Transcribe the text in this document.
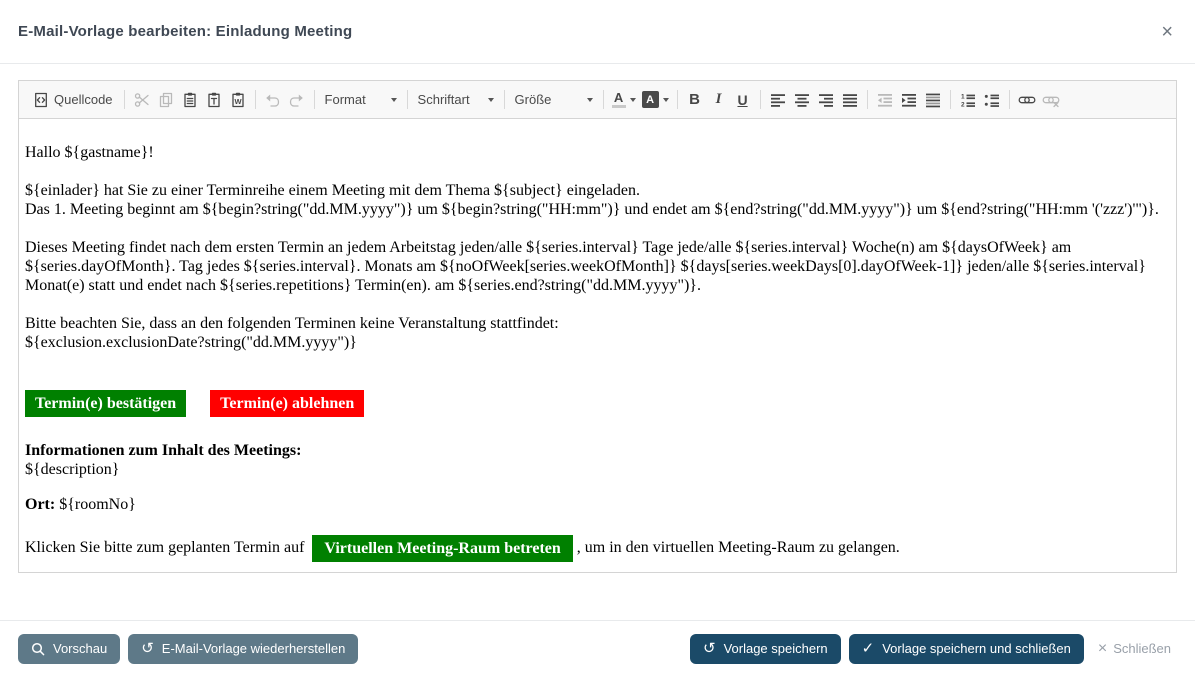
E-Mail-Vorlage bearbeiten: Einladung Meeting	×
Quellcode	W	Format	Schriftart	Größe	A	A	B	I	U	1
2

Hallo ${gastname}!

${einlader} hat Sie zu einer Terminreihe einem Meeting mit dem Thema ${subject} eingeladen.
Das 1. Meeting beginnt am ${begin?string("dd.MM.yyyy")} um ${begin?string("HH:mm")} und endet am ${end?string("dd.MM.yyyy")} um ${end?string("HH:mm '('zzz')'")}.

Dieses Meeting findet nach dem ersten Termin an jedem Arbeitstag jeden/alle ${series.interval} Tage jede/alle ${series.interval} Woche(n) am ${daysOfWeek} am ${series.dayOfMonth}. Tag jedes ${series.interval}. Monats am ${noOfWeek[series.weekOfMonth]} ${days[series.weekDays[0].dayOfWeek-1]} jeden/alle ${series.interval} Monat(e) statt und endet nach ${series.repetitions} Termin(en). am ${series.end?string("dd.MM.yyyy")}.

Bitte beachten Sie, dass an den folgenden Terminen keine Veranstaltung stattfindet:
${exclusion.exclusionDate?string("dd.MM.yyyy")}

Termin(e) bestätigen	Termin(e) ablehnen
Informationen zum Inhalt des Meetings:
${description}
Ort: ${roomNo}
Klicken Sie bitte zum geplanten Termin auf Virtuellen Meeting-Raum betreten , um in den virtuellen Meeting-Raum zu gelangen.
Vorschau ↺ E-Mail-Vorlage wiederherstellen	↺ Vorlage speichern ✓ Vorlage speichern und schließen × Schließen
